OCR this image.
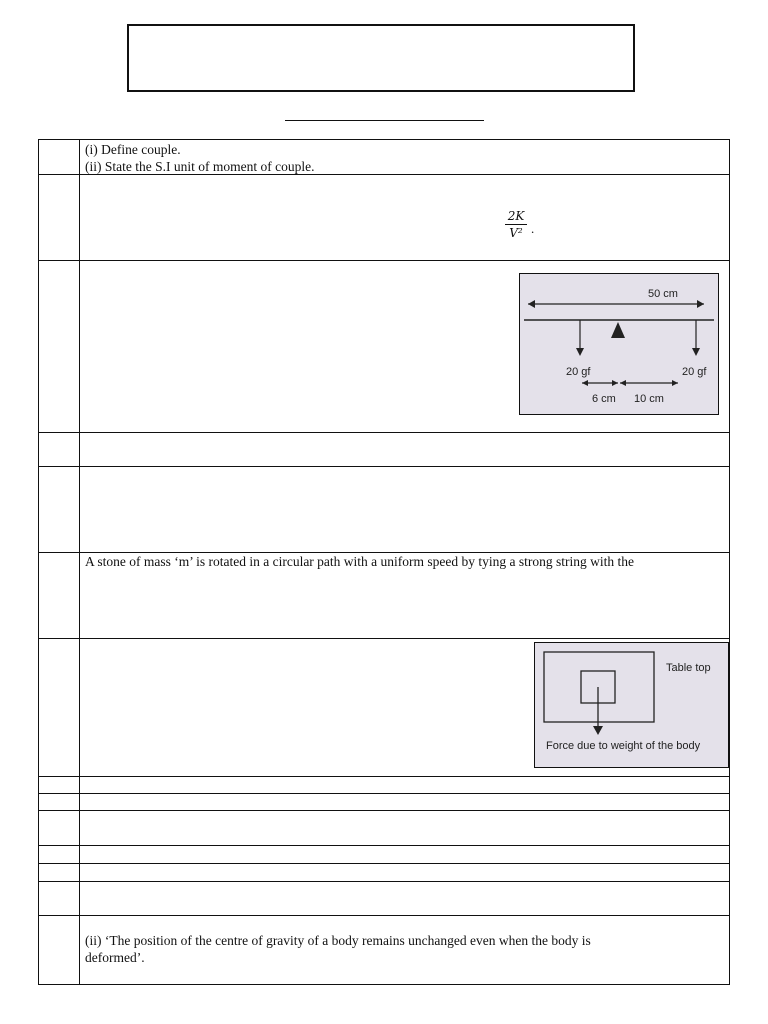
(i) Define couple.
(ii) State the S.I unit of moment of couple.
2K
V² .
50 cm
20 gf	20 gf
6 cm 10 cm
A stone of mass ‘m’ is rotated in a circular path with a uniform speed by tying a strong string with the
Table top
Force due to weight of the body
(ii) ‘The position of the centre of gravity of a body remains unchanged even when the body is
deformed’.
